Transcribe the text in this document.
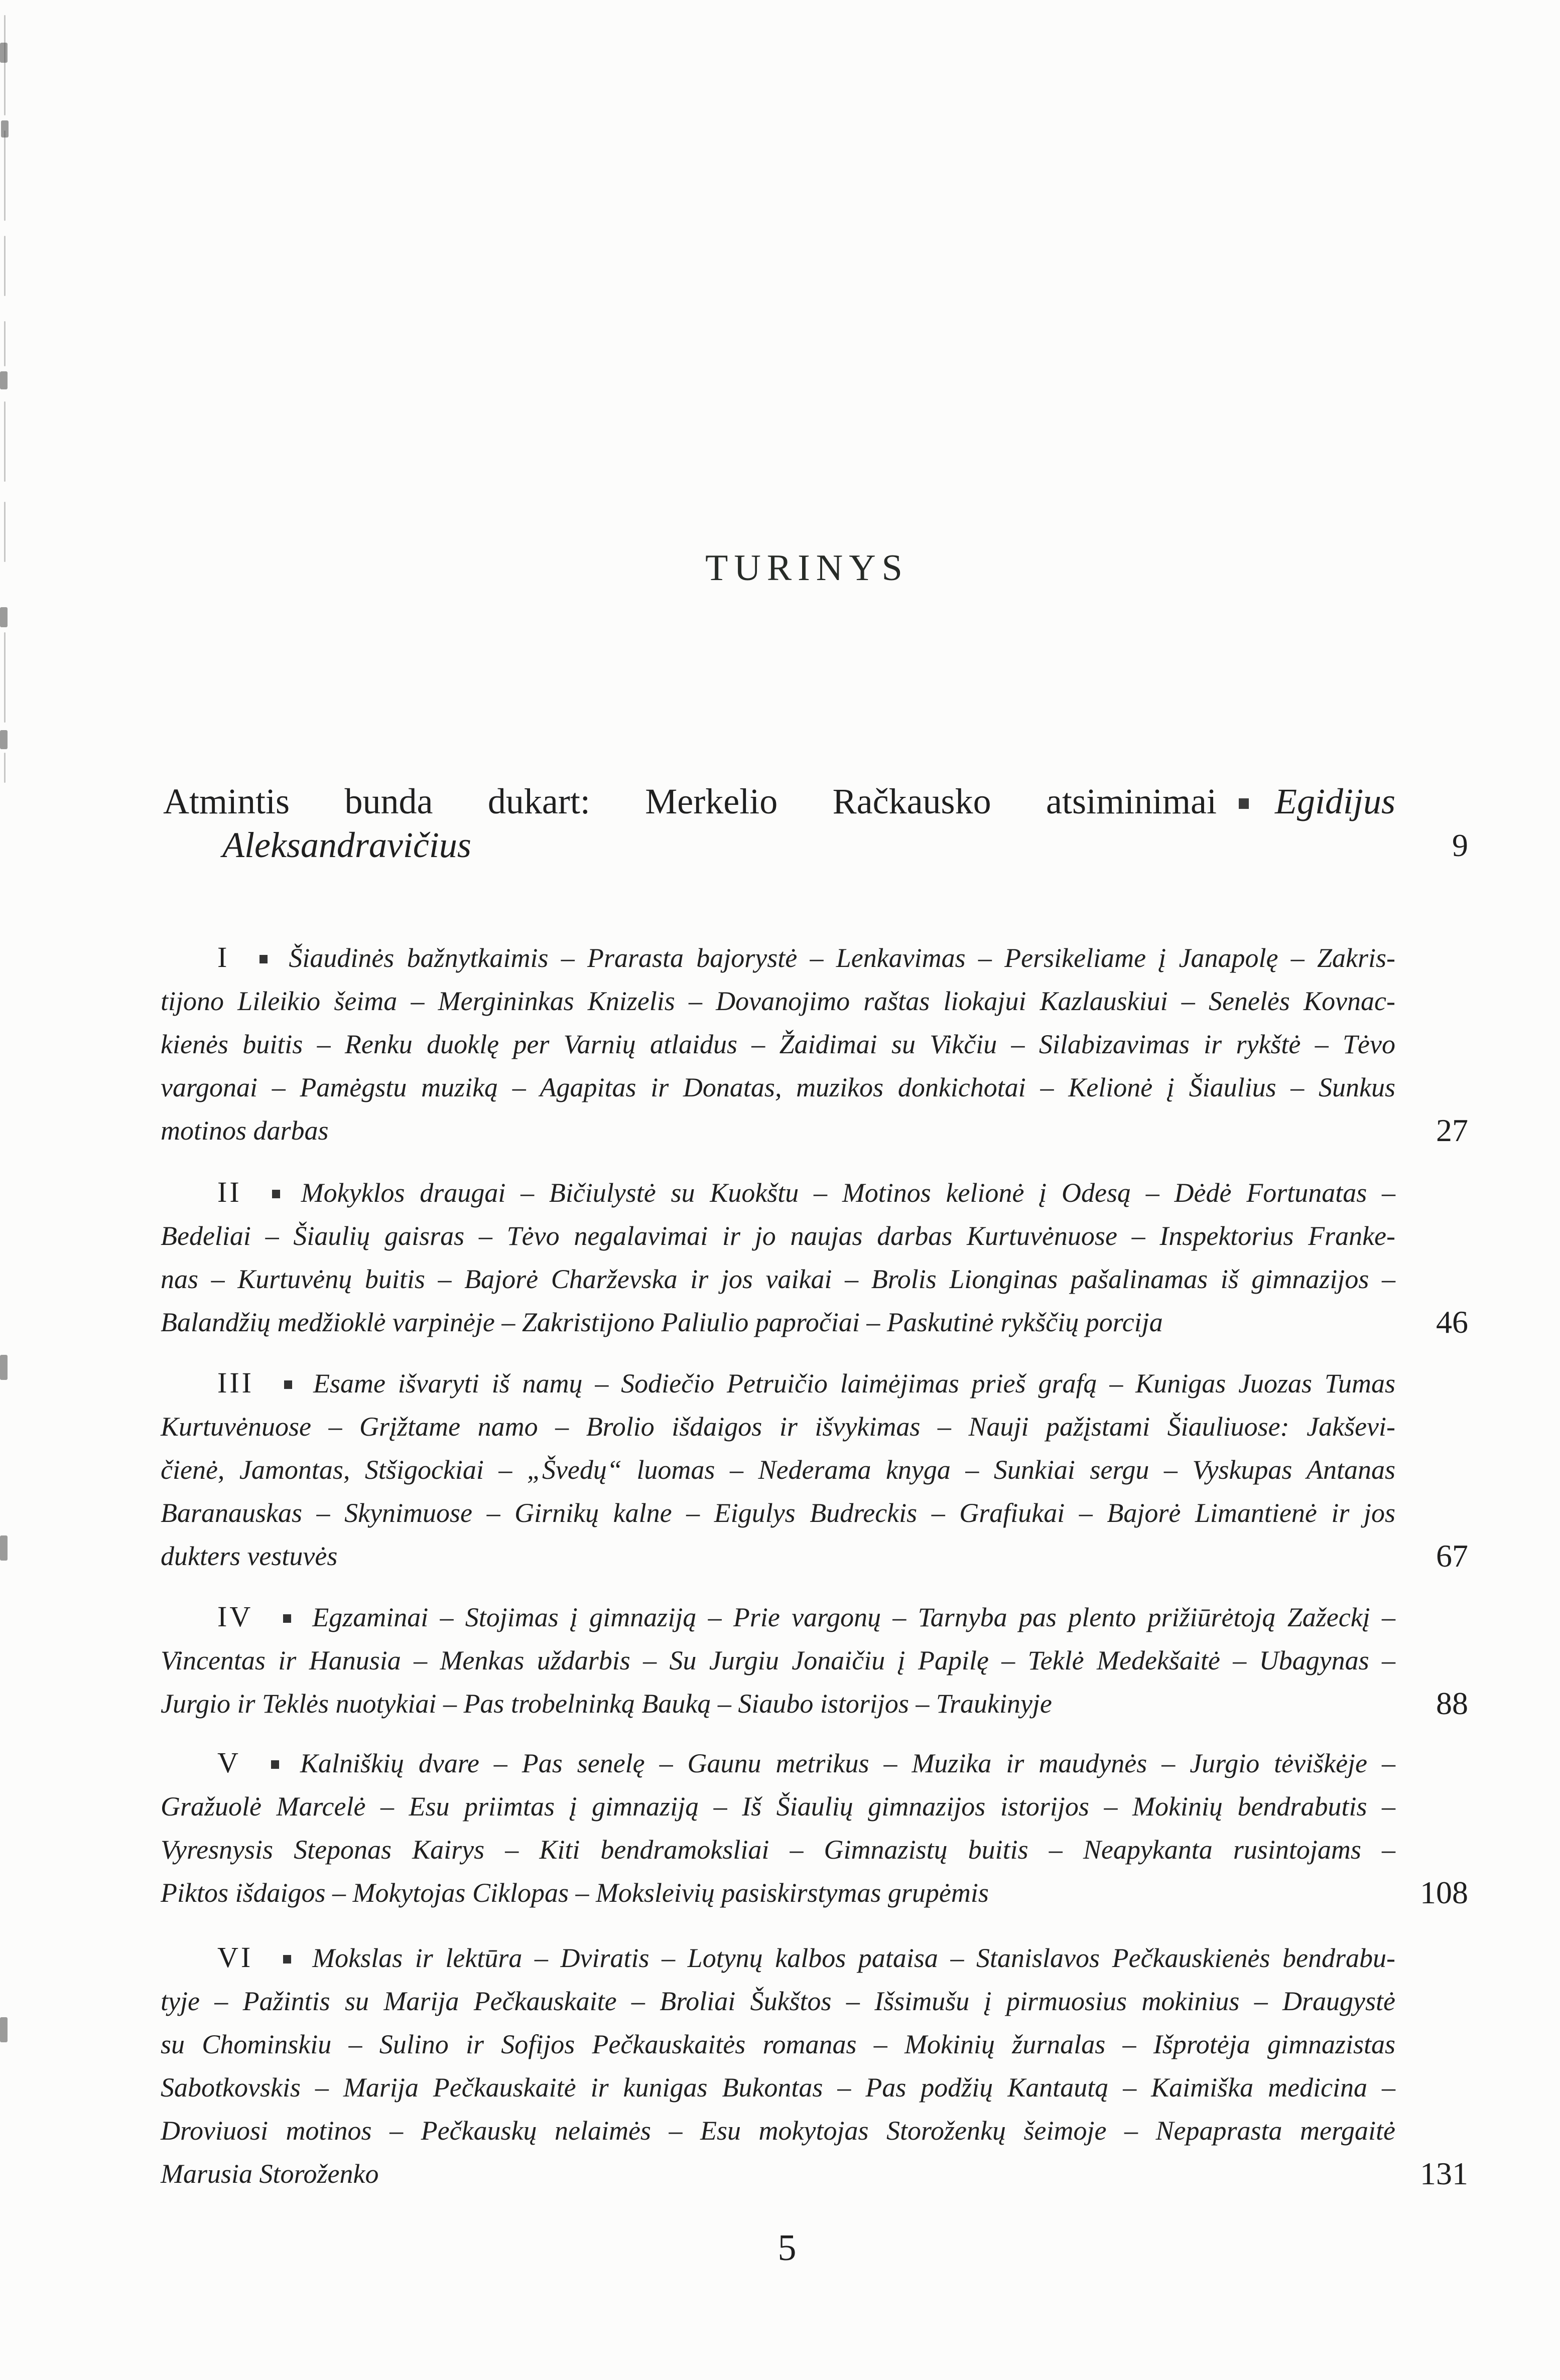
TURINYS
Atmintis bunda dukart: Merkelio Račkausko atsiminimai Egidijus
Aleksandravičius	9
I Šiaudinės bažnytkaimis – Prarasta bajorystė – Lenkavimas – Persikeliame į Janapolę – Zakris-
tijono Lileikio šeima – Mergininkas Knizelis – Dovanojimo raštas liokajui Kazlauskiui – Senelės Kovnac-
kienės buitis – Renku duoklę per Varnių atlaidus – Žaidimai su Vikčiu – Silabizavimas ir rykštė – Tėvo
vargonai – Pamėgstu muziką – Agapitas ir Donatas, muzikos donkichotai – Kelionė į Šiaulius – Sunkus
motinos darbas	27
II Mokyklos draugai – Bičiulystė su Kuokštu – Motinos kelionė į Odesą – Dėdė Fortunatas –
Bedeliai – Šiaulių gaisras – Tėvo negalavimai ir jo naujas darbas Kurtuvėnuose – Inspektorius Franke-
nas – Kurtuvėnų buitis – Bajorė Charževska ir jos vaikai – Brolis Lionginas pašalinamas iš gimnazijos –
Balandžių medžioklė varpinėje – Zakristijono Paliulio papročiai – Paskutinė rykščių porcija	46
III Esame išvaryti iš namų – Sodiečio Petruičio laimėjimas prieš grafą – Kunigas Juozas Tumas
Kurtuvėnuose – Grįžtame namo – Brolio išdaigos ir išvykimas – Nauji pažįstami Šiauliuose: Jakševi-
čienė, Jamontas, Stšigockiai – „Švedų“ luomas – Nederama knyga – Sunkiai sergu – Vyskupas Antanas
Baranauskas – Skynimuose – Girnikų kalne – Eigulys Budreckis – Grafiukai – Bajorė Limantienė ir jos
dukters vestuvės	67
IV Egzaminai – Stojimas į gimnaziją – Prie vargonų – Tarnyba pas plento prižiūrėtoją Zažeckį –
Vincentas ir Hanusia – Menkas uždarbis – Su Jurgiu Jonaičiu į Papilę – Teklė Medekšaitė – Ubagynas –
Jurgio ir Teklės nuotykiai – Pas trobelninką Bauką – Siaubo istorijos – Traukinyje	88
V Kalniškių dvare – Pas senelę – Gaunu metrikus – Muzika ir maudynės – Jurgio tėviškėje –
Gražuolė Marcelė – Esu priimtas į gimnaziją – Iš Šiaulių gimnazijos istorijos – Mokinių bendrabutis –
Vyresnysis Steponas Kairys – Kiti bendramoksliai – Gimnazistų buitis – Neapykanta rusintojams –
Piktos išdaigos – Mokytojas Ciklopas – Moksleivių pasiskirstymas grupėmis	108
VI Mokslas ir lektūra – Dviratis – Lotynų kalbos pataisa – Stanislavos Pečkauskienės bendrabu-
tyje – Pažintis su Marija Pečkauskaite – Broliai Šukštos – Išsimušu į pirmuosius mokinius – Draugystė
su Chominskiu – Sulino ir Sofijos Pečkauskaitės romanas – Mokinių žurnalas – Išprotėja gimnazistas
Sabotkovskis – Marija Pečkauskaitė ir kunigas Bukontas – Pas podžių Kantautą – Kaimiška medicina –
Droviuosi motinos – Pečkauskų nelaimės – Esu mokytojas Storoženkų šeimoje – Nepaprasta mergaitė
Marusia Storoženko	131
5
